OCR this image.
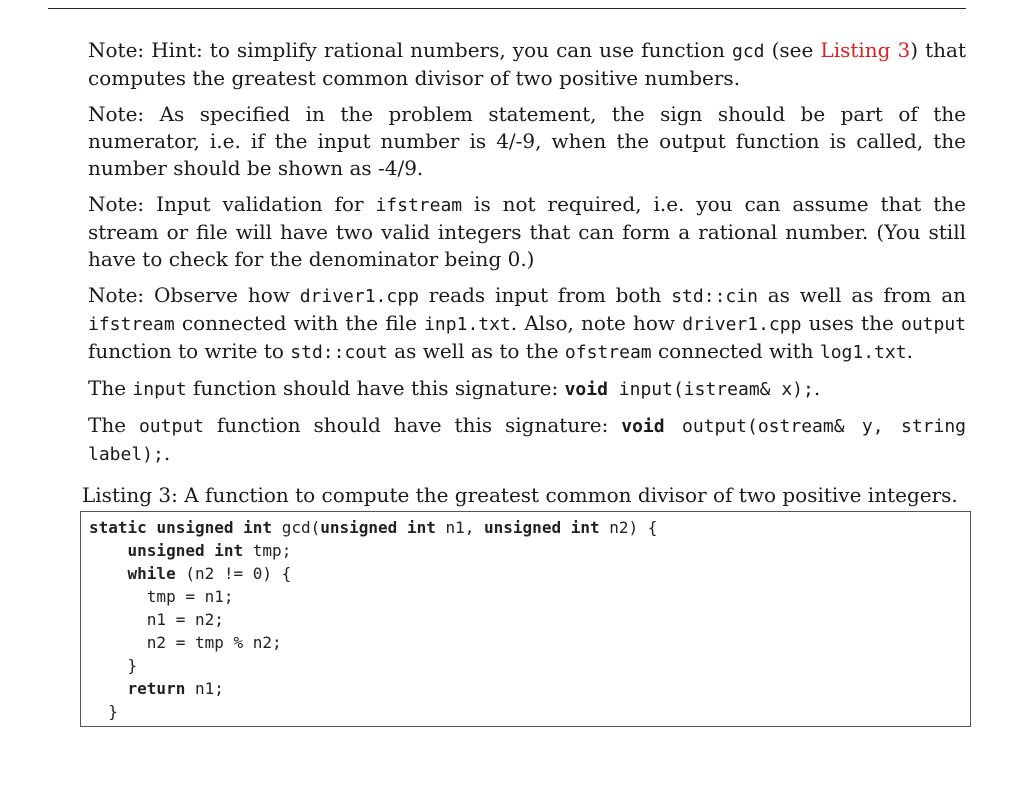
Note: Hint: to simplify rational numbers, you can use function gcd (see Listing 3) that computes the greatest common divisor of two positive numbers.

Note: As specified in the problem statement, the sign should be part of the numerator, i.e. if the input number is 4/-9, when the output function is called, the number should be shown as -4/9.

Note: Input validation for ifstream is not required, i.e. you can assume that the stream or file will have two valid integers that can form a rational number. (You still have to check for the denominator being 0.)

Note: Observe how driver1.cpp reads input from both std::cin as well as from an ifstream connected with the file inp1.txt. Also, note how driver1.cpp uses the output function to write to std::cout as well as to the ofstream connected with log1.txt.

The input function should have this signature: void input(istream& x);.

The output function should have this signature: void output(ostream& y, string label);.

Listing 3: A function to compute the greatest common divisor of two positive integers.
static unsigned int gcd(unsigned int n1, unsigned int n2) {
unsigned int tmp;
while (n2 != 0) {
tmp = n1;
n1 = n2;
n2 = tmp % n2;
}
return n1;
}
